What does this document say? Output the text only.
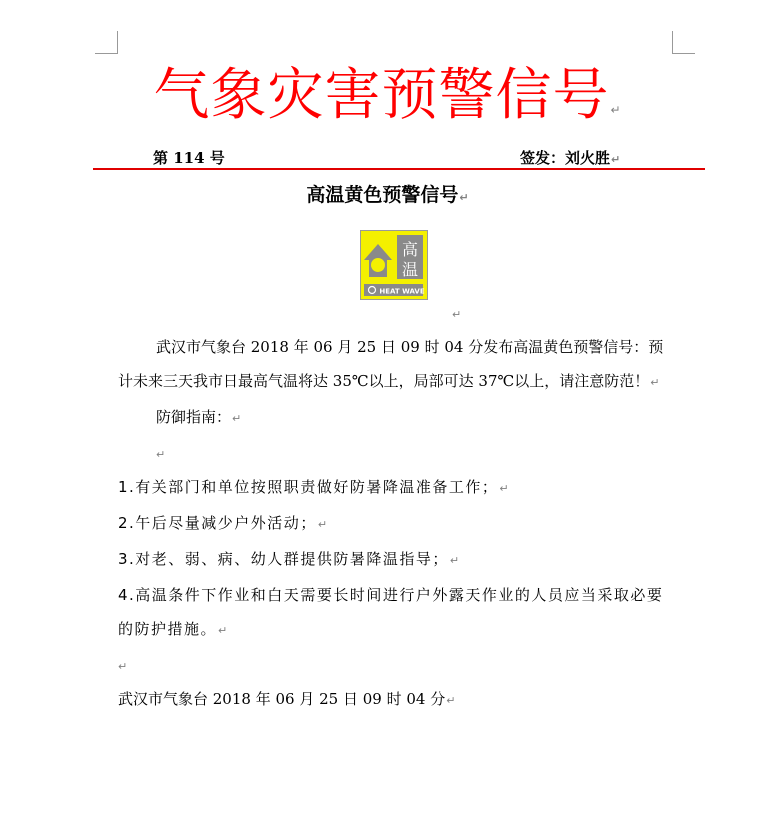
气象灾害预警信号↵
第 114 号	签发：刘火胜↵
高温黄色预警信号↵
高
温
HEAT WAVE
↵

武汉市气象台 2018 年 06 月 25 日 09 时 04 分发布高温黄色预警信号：预计未来三天我市日最高气温将达 35℃以上，局部可达 37℃以上，请注意防范！↵

防御指南：↵

↵

1.有关部门和单位按照职责做好防暑降温准备工作；↵

2.午后尽量减少户外活动；↵

3.对老、弱、病、幼人群提供防暑降温指导；↵

4.高温条件下作业和白天需要长时间进行户外露天作业的人员应当采取必要的防护措施。↵

↵

武汉市气象台 2018 年 06 月 25 日 09 时 04 分↵
